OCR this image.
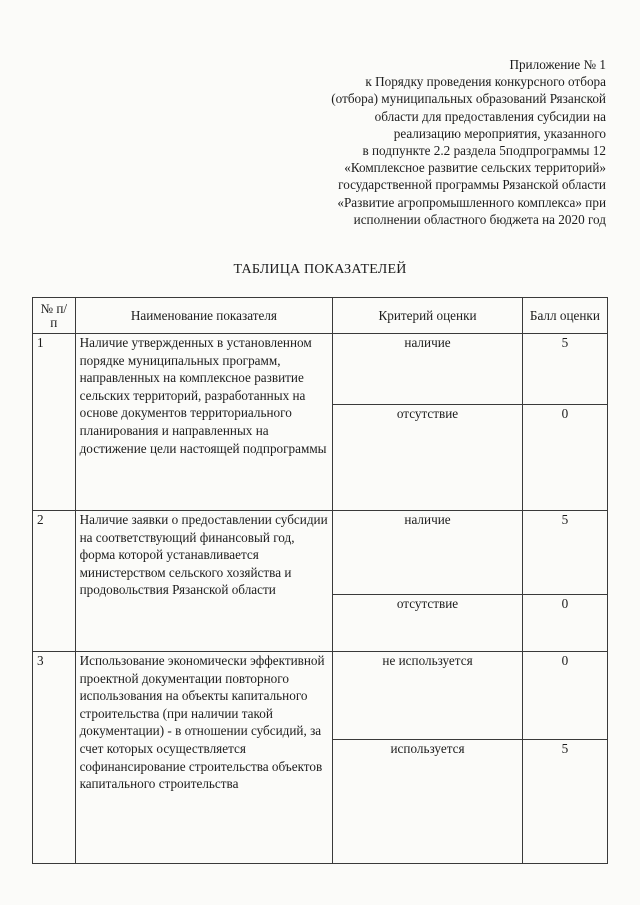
Приложение № 1
к Порядку проведения конкурсного отбора
(отбора) муниципальных образований Рязанской
области для предоставления субсидии на
реализацию мероприятия, указанного
в подпункте 2.2 раздела 5подпрограммы 12
«Комплексное развитие сельских территорий»
государственной программы Рязанской области
«Развитие агропромышленного комплекса» при
исполнении областного бюджета на 2020 год
ТАБЛИЦА ПОКАЗАТЕЛЕЙ
№ п/п	Наименование показателя	Критерий оценки	Балл оценки
1	Наличие утвержденных в установленном порядке муниципальных программ, направленных на комплексное развитие сельских территорий, разработанных на основе документов территориального планирования и направленных на достижение цели настоящей подпрограммы	наличие	5
		отсутствие	0
2	Наличие заявки о предоставлении субсидии на соответствующий финансовый год, форма которой устанавливается министерством сельского хозяйства и продовольствия Рязанской области	наличие	5
		отсутствие	0
3	Использование экономически эффективной проектной документации повторного использования на объекты капитального строительства (при наличии такой документации) - в отношении субсидий, за счет которых осуществляется софинансирование строительства объектов капитального строительства	не используется	0
		используется	5
